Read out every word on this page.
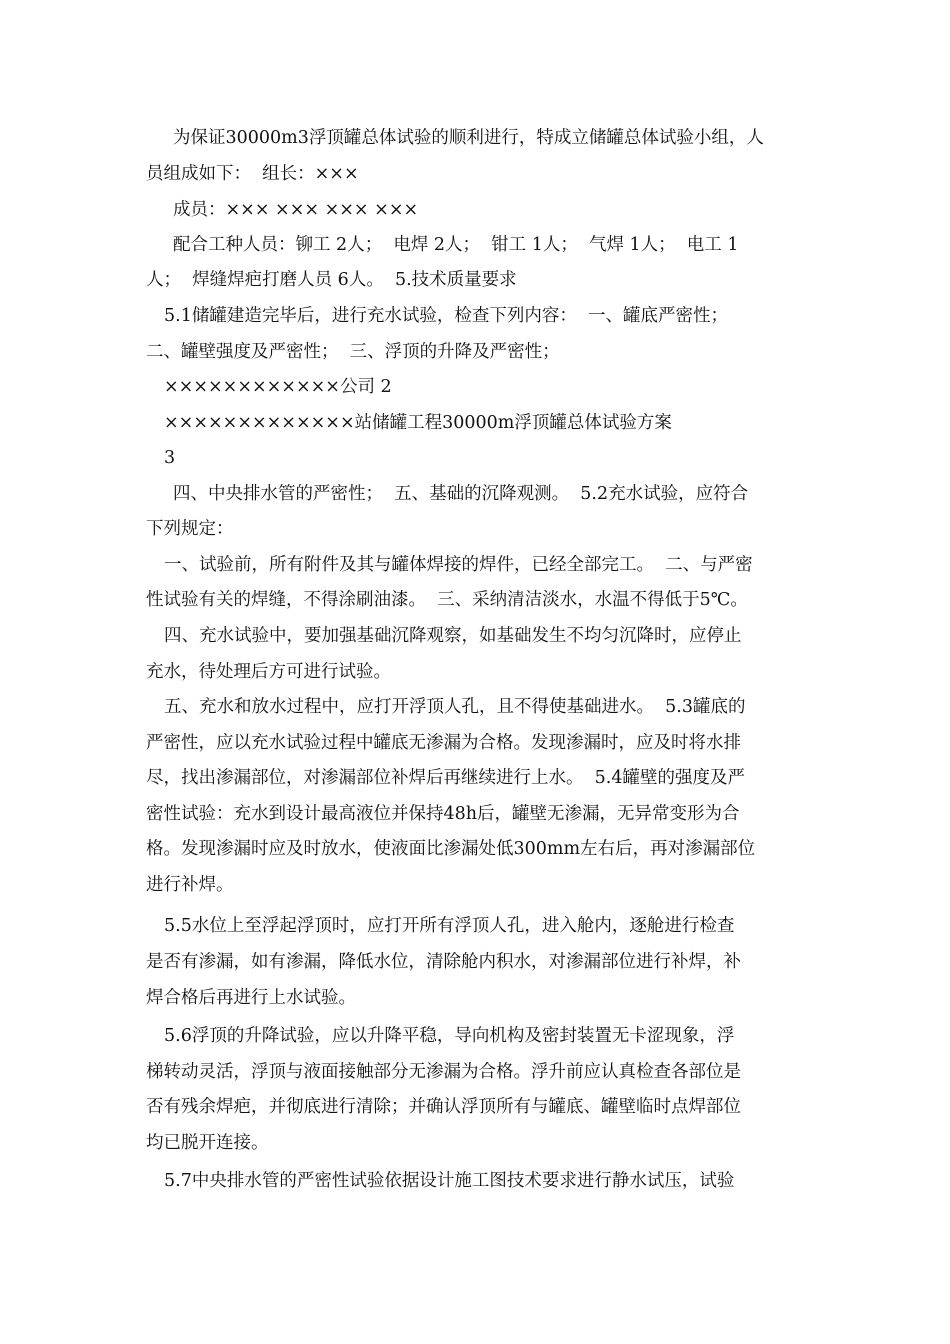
为保证30000m3浮顶罐总体试验的顺利进行，特成立储罐总体试验小组，人
员组成如下：  组长：×××
成员：××× ××× ××× ×××
配合工种人员：铆工 2人；  电焊 2人；  钳工 1人；  气焊 1人；  电工 1
人；  焊缝焊疤打磨人员 6人。  5.技术质量要求
5.1储罐建造完毕后，进行充水试验，检查下列内容：  一、罐底严密性；
二、罐壁强度及严密性；  三、浮顶的升降及严密性；
××××××××××××公司 2
×××××××××××××站储罐工程30000m浮顶罐总体试验方案
3
四、中央排水管的严密性；  五、基础的沉降观测。  5.2充水试验，应符合
下列规定：
一、试验前，所有附件及其与罐体焊接的焊件，已经全部完工。  二、与严密
性试验有关的焊缝，不得涂刷油漆。  三、采纳清洁淡水，水温不得低于5℃。
四、充水试验中，要加强基础沉降观察，如基础发生不均匀沉降时，应停止
充水，待处理后方可进行试验。
五、充水和放水过程中，应打开浮顶人孔，且不得使基础进水。  5.3罐底的
严密性，应以充水试验过程中罐底无渗漏为合格。发现渗漏时，应及时将水排
尽，找出渗漏部位，对渗漏部位补焊后再继续进行上水。  5.4罐壁的强度及严
密性试验：充水到设计最高液位并保持48h后，罐壁无渗漏，无异常变形为合
格。发现渗漏时应及时放水，使液面比渗漏处低300mm左右后，再对渗漏部位
进行补焊。
5.5水位上至浮起浮顶时，应打开所有浮顶人孔，进入舱内，逐舱进行检查
是否有渗漏，如有渗漏，降低水位，清除舱内积水，对渗漏部位进行补焊，补
焊合格后再进行上水试验。
5.6浮顶的升降试验，应以升降平稳，导向机构及密封装置无卡涩现象，浮
梯转动灵活，浮顶与液面接触部分无渗漏为合格。浮升前应认真检查各部位是
否有残余焊疤，并彻底进行清除；并确认浮顶所有与罐底、罐壁临时点焊部位
均已脱开连接。
5.7中央排水管的严密性试验依据设计施工图技术要求进行静水试压，试验
